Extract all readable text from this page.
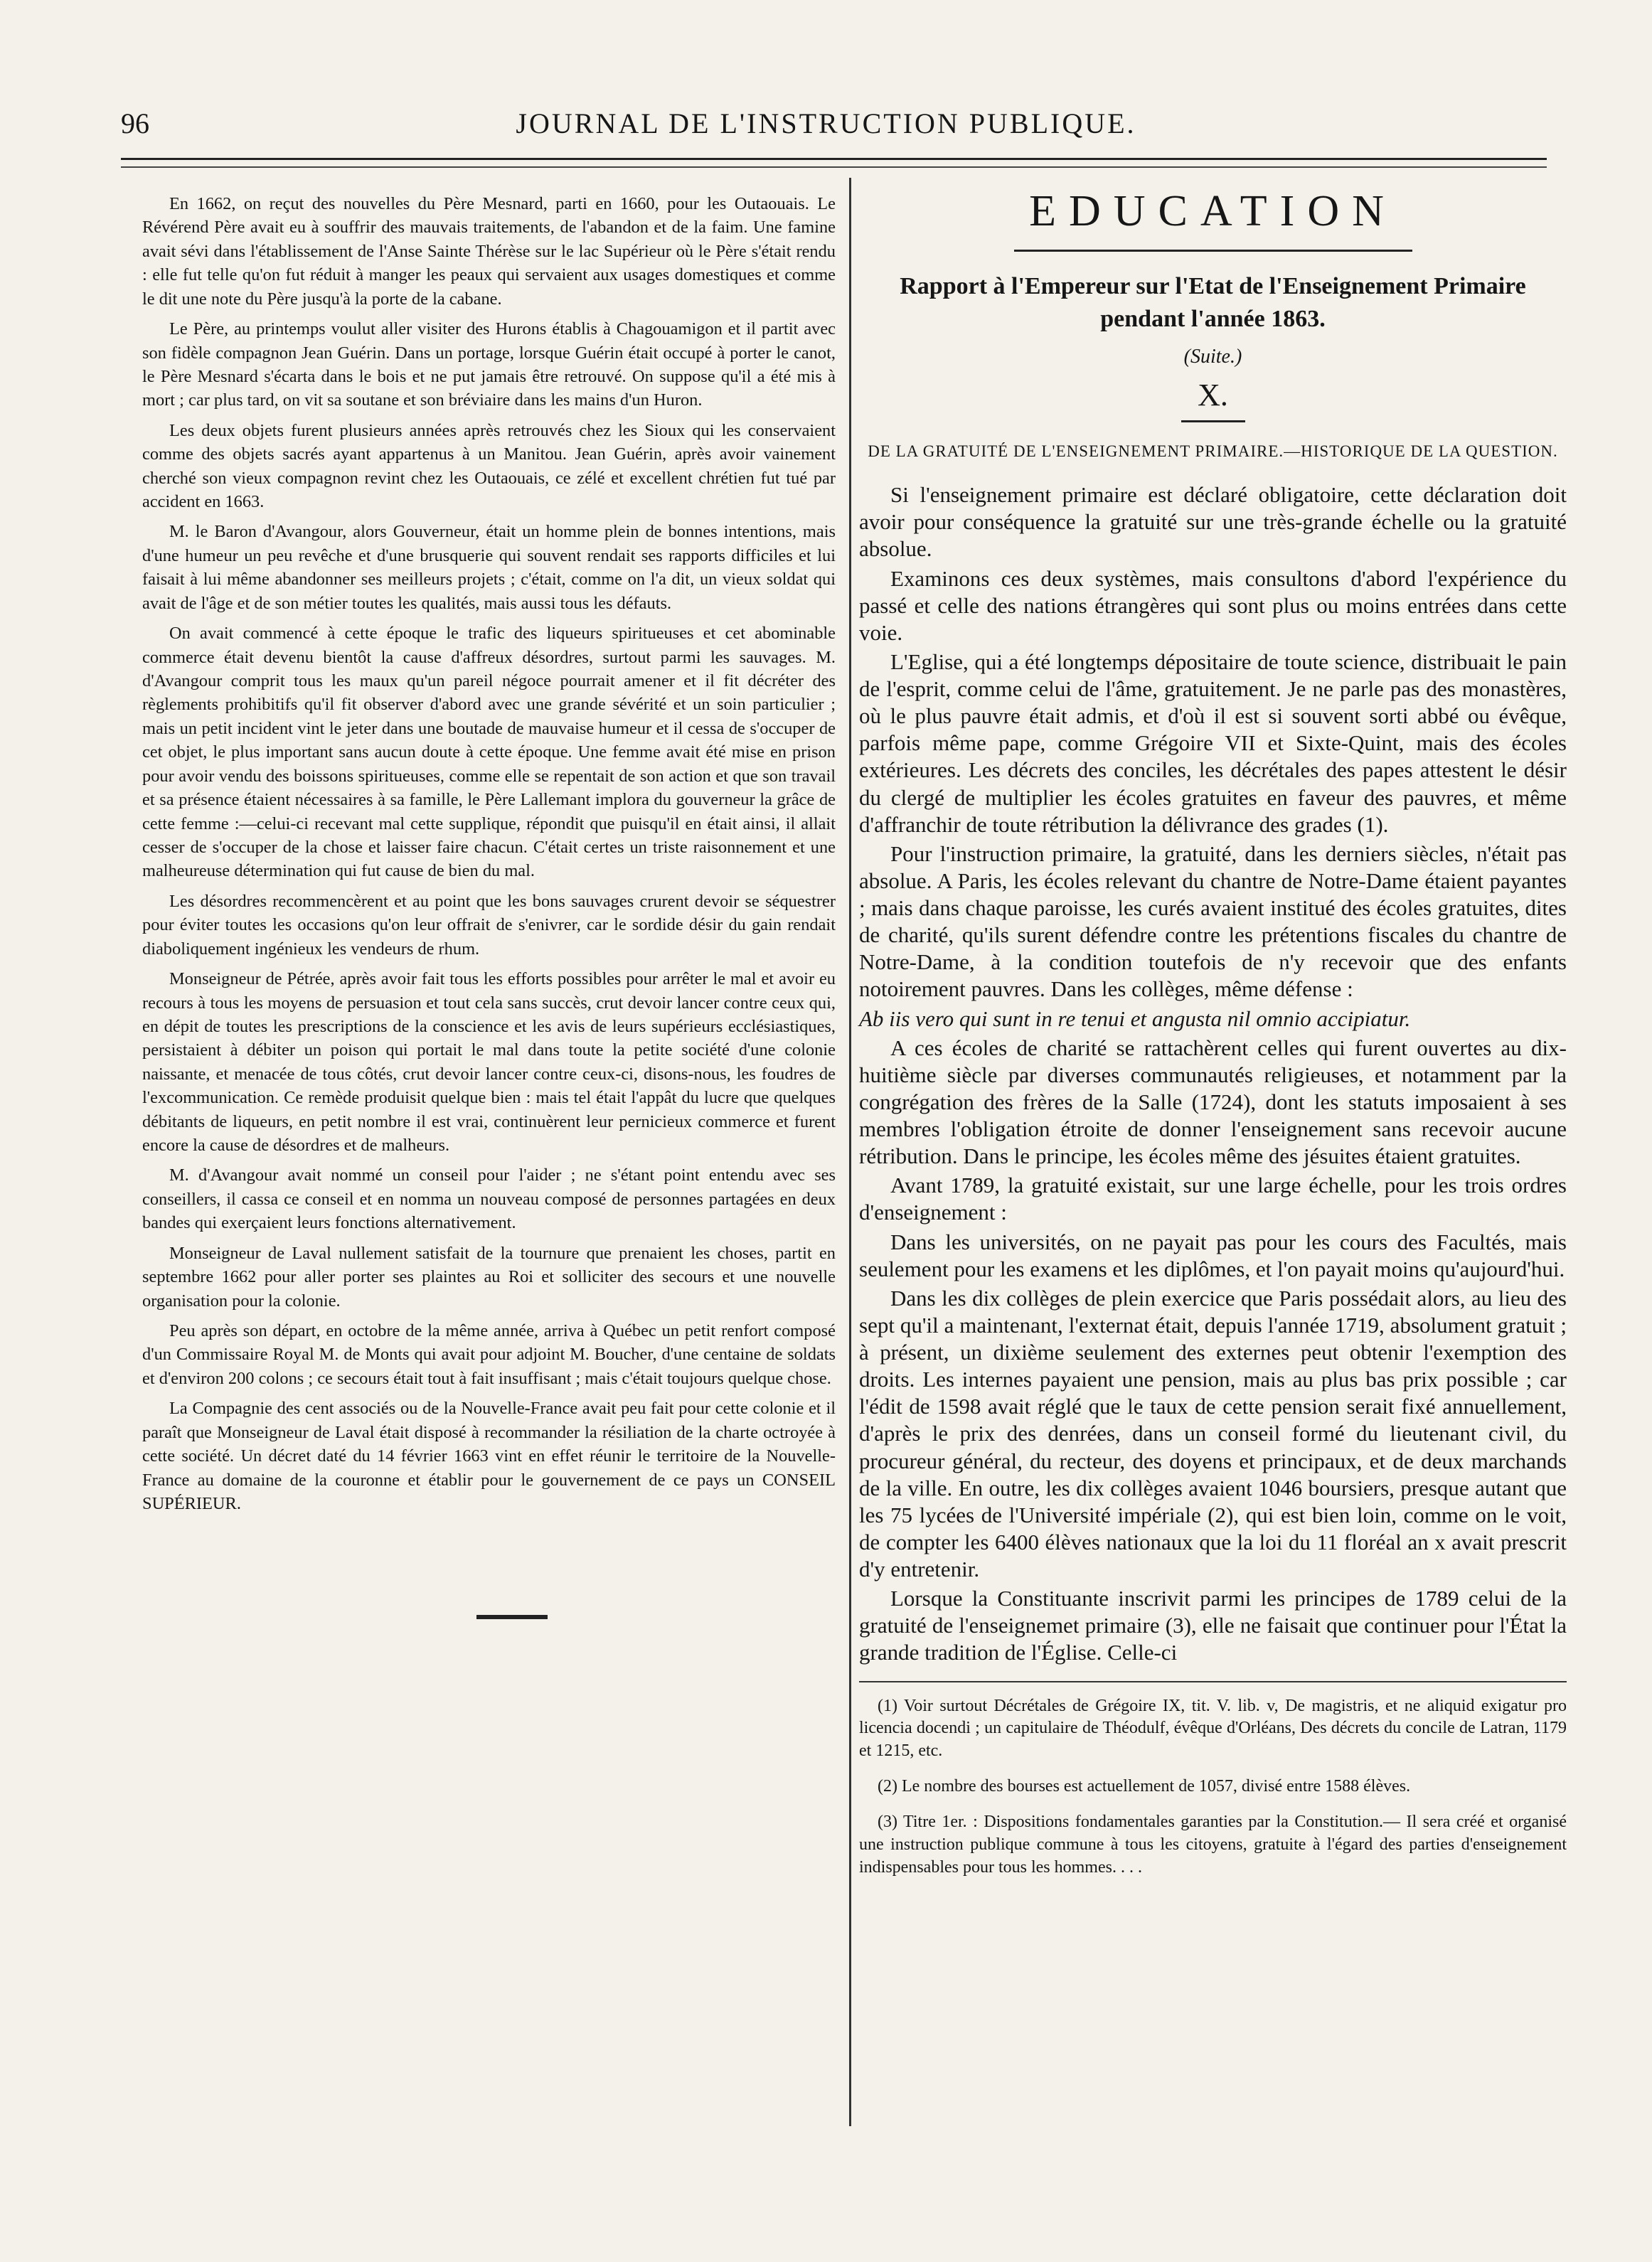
96	JOURNAL DE L'INSTRUCTION PUBLIQUE.

En 1662, on reçut des nouvelles du Père Mesnard, parti en 1660, pour les Outaouais. Le Révérend Père avait eu à souffrir des mauvais traitements, de l'abandon et de la faim. Une famine avait sévi dans l'établissement de l'Anse Sainte Thérèse sur le lac Supérieur où le Père s'était rendu : elle fut telle qu'on fut réduit à manger les peaux qui servaient aux usages domestiques et comme le dit une note du Père jusqu'à la porte de la cabane.

Le Père, au printemps voulut aller visiter des Hurons établis à Chagouamigon et il partit avec son fidèle compagnon Jean Guérin. Dans un portage, lorsque Guérin était occupé à porter le canot, le Père Mesnard s'écarta dans le bois et ne put jamais être retrouvé. On suppose qu'il a été mis à mort ; car plus tard, on vit sa soutane et son bréviaire dans les mains d'un Huron.

Les deux objets furent plusieurs années après retrouvés chez les Sioux qui les conservaient comme des objets sacrés ayant appartenus à un Manitou. Jean Guérin, après avoir vainement cherché son vieux compagnon revint chez les Outaouais, ce zélé et excellent chrétien fut tué par accident en 1663.

M. le Baron d'Avangour, alors Gouverneur, était un homme plein de bonnes intentions, mais d'une humeur un peu revêche et d'une brusquerie qui souvent rendait ses rapports difficiles et lui faisait à lui même abandonner ses meilleurs projets ; c'était, comme on l'a dit, un vieux soldat qui avait de l'âge et de son métier toutes les qualités, mais aussi tous les défauts.

On avait commencé à cette époque le trafic des liqueurs spiritueuses et cet abominable commerce était devenu bientôt la cause d'affreux désordres, surtout parmi les sauvages. M. d'Avangour comprit tous les maux qu'un pareil négoce pourrait amener et il fit décréter des règlements prohibitifs qu'il fit observer d'abord avec une grande sévérité et un soin particulier ; mais un petit incident vint le jeter dans une boutade de mauvaise humeur et il cessa de s'occuper de cet objet, le plus important sans aucun doute à cette époque. Une femme avait été mise en prison pour avoir vendu des boissons spiritueuses, comme elle se repentait de son action et que son travail et sa présence étaient nécessaires à sa famille, le Père Lallemant implora du gouverneur la grâce de cette femme :—celui-ci recevant mal cette supplique, répondit que puisqu'il en était ainsi, il allait cesser de s'occuper de la chose et laisser faire chacun. C'était certes un triste raisonnement et une malheureuse détermination qui fut cause de bien du mal.

Les désordres recommencèrent et au point que les bons sauvages crurent devoir se séquestrer pour éviter toutes les occasions qu'on leur offrait de s'enivrer, car le sordide désir du gain rendait diaboliquement ingénieux les vendeurs de rhum.

Monseigneur de Pétrée, après avoir fait tous les efforts possibles pour arrêter le mal et avoir eu recours à tous les moyens de persuasion et tout cela sans succès, crut devoir lancer contre ceux qui, en dépit de toutes les prescriptions de la conscience et les avis de leurs supérieurs ecclésiastiques, persistaient à débiter un poison qui portait le mal dans toute la petite société d'une colonie naissante, et menacée de tous côtés, crut devoir lancer contre ceux-ci, disons-nous, les foudres de l'excommunication. Ce remède produisit quelque bien : mais tel était l'appât du lucre que quelques débitants de liqueurs, en petit nombre il est vrai, continuèrent leur pernicieux commerce et furent encore la cause de désordres et de malheurs.

M. d'Avangour avait nommé un conseil pour l'aider ; ne s'étant point entendu avec ses conseillers, il cassa ce conseil et en nomma un nouveau composé de personnes partagées en deux bandes qui exerçaient leurs fonctions alternativement.

Monseigneur de Laval nullement satisfait de la tournure que prenaient les choses, partit en septembre 1662 pour aller porter ses plaintes au Roi et solliciter des secours et une nouvelle organisation pour la colonie.

Peu après son départ, en octobre de la même année, arriva à Québec un petit renfort composé d'un Commissaire Royal M. de Monts qui avait pour adjoint M. Boucher, d'une centaine de soldats et d'environ 200 colons ; ce secours était tout à fait insuffisant ; mais c'était toujours quelque chose.

La Compagnie des cent associés ou de la Nouvelle-France avait peu fait pour cette colonie et il paraît que Monseigneur de Laval était disposé à recommander la résiliation de la charte octroyée à cette société. Un décret daté du 14 février 1663 vint en effet réunir le territoire de la Nouvelle-France au domaine de la couronne et établir pour le gouvernement de ce pays un CONSEIL SUPÉRIEUR.

EDUCATION
Rapport à l'Empereur sur l'Etat de l'Enseignement Primaire pendant l'année 1863.
(Suite.)
X.
DE LA GRATUITÉ DE L'ENSEIGNEMENT PRIMAIRE.—HISTORIQUE DE LA QUESTION.

Si l'enseignement primaire est déclaré obligatoire, cette déclaration doit avoir pour conséquence la gratuité sur une très-grande échelle ou la gratuité absolue.

Examinons ces deux systèmes, mais consultons d'abord l'expérience du passé et celle des nations étrangères qui sont plus ou moins entrées dans cette voie.

L'Eglise, qui a été longtemps dépositaire de toute science, distribuait le pain de l'esprit, comme celui de l'âme, gratuitement. Je ne parle pas des monastères, où le plus pauvre était admis, et d'où il est si souvent sorti abbé ou évêque, parfois même pape, comme Grégoire VII et Sixte-Quint, mais des écoles extérieures. Les décrets des conciles, les décrétales des papes attestent le désir du clergé de multiplier les écoles gratuites en faveur des pauvres, et même d'affranchir de toute rétribution la délivrance des grades (1).

Pour l'instruction primaire, la gratuité, dans les derniers siècles, n'était pas absolue. A Paris, les écoles relevant du chantre de Notre-Dame étaient payantes ; mais dans chaque paroisse, les curés avaient institué des écoles gratuites, dites de charité, qu'ils surent défendre contre les prétentions fiscales du chantre de Notre-Dame, à la condition toutefois de n'y recevoir que des enfants notoirement pauvres. Dans les collèges, même défense :

Ab iis vero qui sunt in re tenui et angusta nil omnio accipiatur.

A ces écoles de charité se rattachèrent celles qui furent ouvertes au dix-huitième siècle par diverses communautés religieuses, et notamment par la congrégation des frères de la Salle (1724), dont les statuts imposaient à ses membres l'obligation étroite de donner l'enseignement sans recevoir aucune rétribution. Dans le principe, les écoles même des jésuites étaient gratuites.

Avant 1789, la gratuité existait, sur une large échelle, pour les trois ordres d'enseignement :

Dans les universités, on ne payait pas pour les cours des Facultés, mais seulement pour les examens et les diplômes, et l'on payait moins qu'aujourd'hui.

Dans les dix collèges de plein exercice que Paris possédait alors, au lieu des sept qu'il a maintenant, l'externat était, depuis l'année 1719, absolument gratuit ; à présent, un dixième seulement des externes peut obtenir l'exemption des droits. Les internes payaient une pension, mais au plus bas prix possible ; car l'édit de 1598 avait réglé que le taux de cette pension serait fixé annuellement, d'après le prix des denrées, dans un conseil formé du lieutenant civil, du procureur général, du recteur, des doyens et principaux, et de deux marchands de la ville. En outre, les dix collèges avaient 1046 boursiers, presque autant que les 75 lycées de l'Université impériale (2), qui est bien loin, comme on le voit, de compter les 6400 élèves nationaux que la loi du 11 floréal an x avait prescrit d'y entretenir.

Lorsque la Constituante inscrivit parmi les principes de 1789 celui de la gratuité de l'enseignemet primaire (3), elle ne faisait que continuer pour l'État la grande tradition de l'Église. Celle-ci

(1) Voir surtout Décrétales de Grégoire IX, tit. V. lib. v, De magistris, et ne aliquid exigatur pro licencia docendi ; un capitulaire de Théodulf, évêque d'Orléans, Des décrets du concile de Latran, 1179 et 1215, etc.

(2) Le nombre des bourses est actuellement de 1057, divisé entre 1588 élèves.

(3) Titre 1er. : Dispositions fondamentales garanties par la Constitution.— Il sera créé et organisé une instruction publique commune à tous les citoyens, gratuite à l'égard des parties d'enseignement indispensables pour tous les hommes. . . .
